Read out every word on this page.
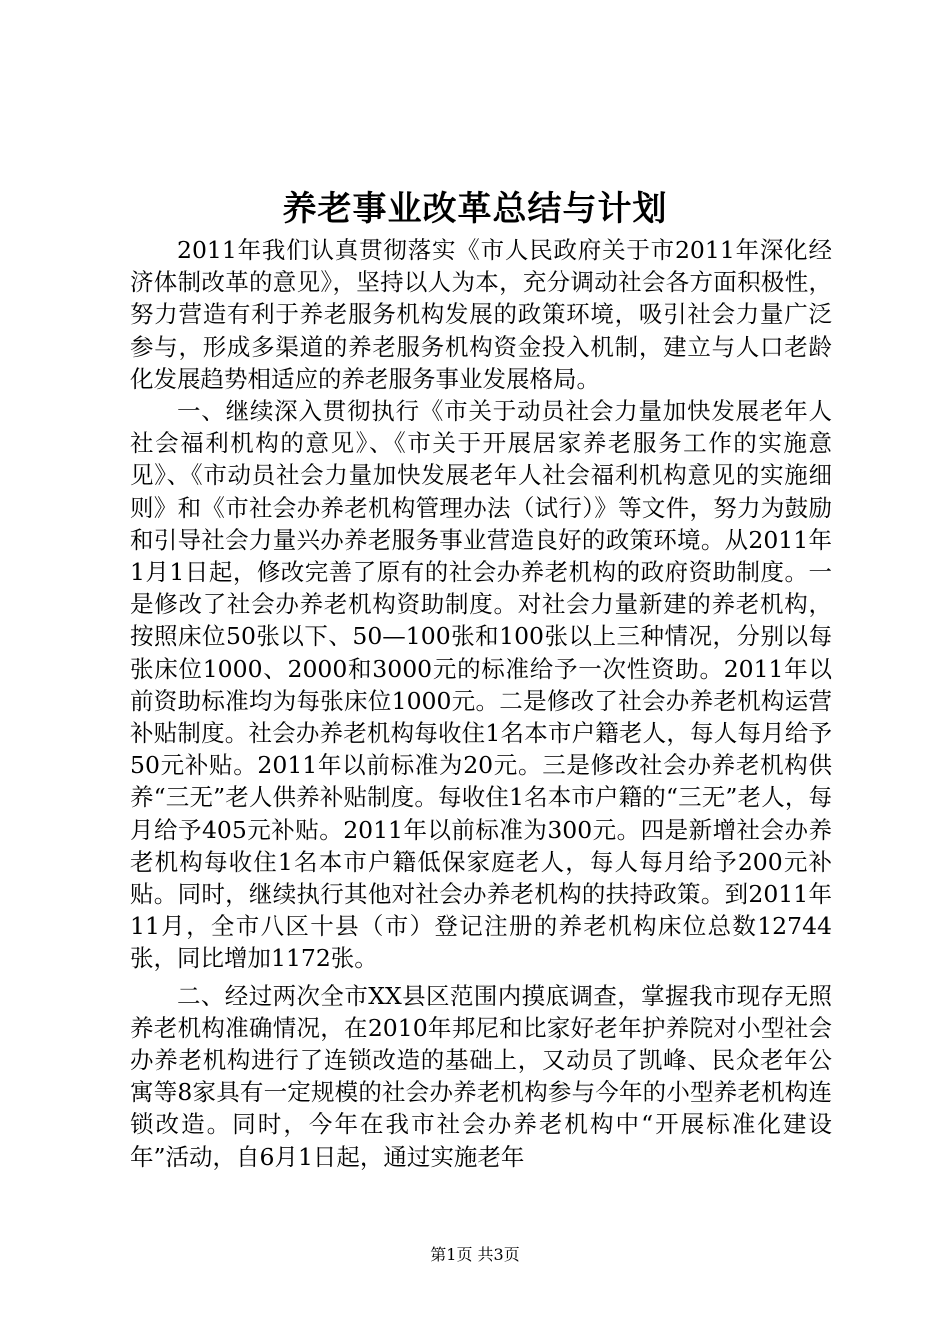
养老事业改革总结与计划

2011年我们认真贯彻落实《市人民政府关于市2011年深化经济体制改革的意见》，坚持以人为本，充分调动社会各方面积极性，努力营造有利于养老服务机构发展的政策环境，吸引社会力量广泛参与，形成多渠道的养老服务机构资金投入机制，建立与人口老龄化发展趋势相适应的养老服务事业发展格局。

一、继续深入贯彻执行《市关于动员社会力量加快发展老年人社会福利机构的意见》、《市关于开展居家养老服务工作的实施意见》、《市动员社会力量加快发展老年人社会福利机构意见的实施细则》和《市社会办养老机构管理办法（试行）》等文件，努力为鼓励和引导社会力量兴办养老服务事业营造良好的政策环境。从2011年1月1日起，修改完善了原有的社会办养老机构的政府资助制度。一是修改了社会办养老机构资助制度。对社会力量新建的养老机构，按照床位50张以下、50—100张和100张以上三种情况，分别以每张床位1000、2000和3000元的标准给予一次性资助。2011年以前资助标准均为每张床位1000元。二是修改了社会办养老机构运营补贴制度。社会办养老机构每收住1名本市户籍老人，每人每月给予50元补贴。2011年以前标准为20元。三是修改社会办养老机构供养“三无”老人供养补贴制度。每收住1名本市户籍的“三无”老人，每月给予405元补贴。2011年以前标准为300元。四是新增社会办养老机构每收住1名本市户籍低保家庭老人，每人每月给予200元补贴。同时，继续执行其他对社会办养老机构的扶持政策。到2011年11月，全市八区十县（市）登记注册的养老机构床位总数12744张，同比增加1172张。

二、经过两次全市XX县区范围内摸底调查，掌握我市现存无照养老机构准确情况，在2010年邦尼和比家好老年护养院对小型社会办养老机构进行了连锁改造的基础上，又动员了凯峰、民众老年公寓等8家具有一定规模的社会办养老机构参与今年的小型养老机构连锁改造。同时，今年在我市社会办养老机构中“开展标准化建设年”活动，自6月1日起，通过实施老年

第1页 共3页
